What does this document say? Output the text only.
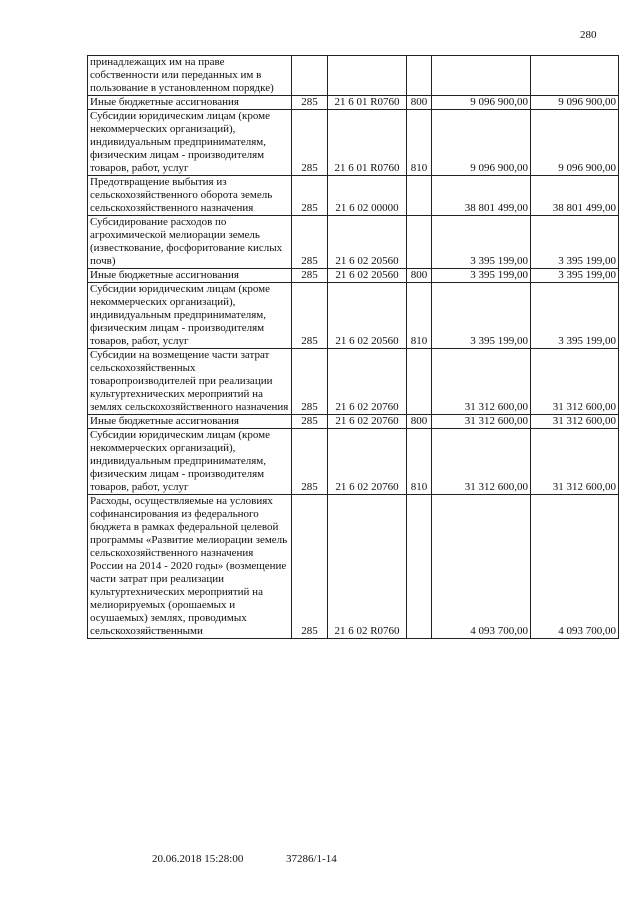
280
принадлежащих им на праве собственности или переданных им в пользование в установленном порядке)					
Иные бюджетные ассигнования	285	21 6 01 R0760	800	9 096 900,00	9 096 900,00
Субсидии юридическим лицам (кроме некоммерческих организаций), индивидуальным предпринимателям, физическим лицам - производителям товаров, работ, услуг	285	21 6 01 R0760	810	9 096 900,00	9 096 900,00
Предотвращение выбытия из сельскохозяйственного оборота земель сельскохозяйственного назначения	285	21 6 02 00000		38 801 499,00	38 801 499,00
Субсидирование расходов по агрохимической мелиорации земель (известкование, фосфоритование кислых почв)	285	21 6 02 20560		3 395 199,00	3 395 199,00
Иные бюджетные ассигнования	285	21 6 02 20560	800	3 395 199,00	3 395 199,00
Субсидии юридическим лицам (кроме некоммерческих организаций), индивидуальным предпринимателям, физическим лицам - производителям товаров, работ, услуг	285	21 6 02 20560	810	3 395 199,00	3 395 199,00
Субсидии на возмещение части затрат сельскохозяйственных товаропроизводителей при реализации культуртехнических мероприятий на землях сельскохозяйственного назначения	285	21 6 02 20760		31 312 600,00	31 312 600,00
Иные бюджетные ассигнования	285	21 6 02 20760	800	31 312 600,00	31 312 600,00
Субсидии юридическим лицам (кроме некоммерческих организаций), индивидуальным предпринимателям, физическим лицам - производителям товаров, работ, услуг	285	21 6 02 20760	810	31 312 600,00	31 312 600,00
Расходы, осуществляемые на условиях софинансирования из федерального бюджета в рамках федеральной целевой программы «Развитие мелиорации земель сельскохозяйственного назначения России на 2014 - 2020 годы» (возмещение части затрат при реализации культуртехнических мероприятий на мелиорируемых (орошаемых и осушаемых) землях, проводимых сельскохозяйственными	285	21 6 02 R0760		4 093 700,00	4 093 700,00
20.06.2018 15:28:00	37286/1-14
